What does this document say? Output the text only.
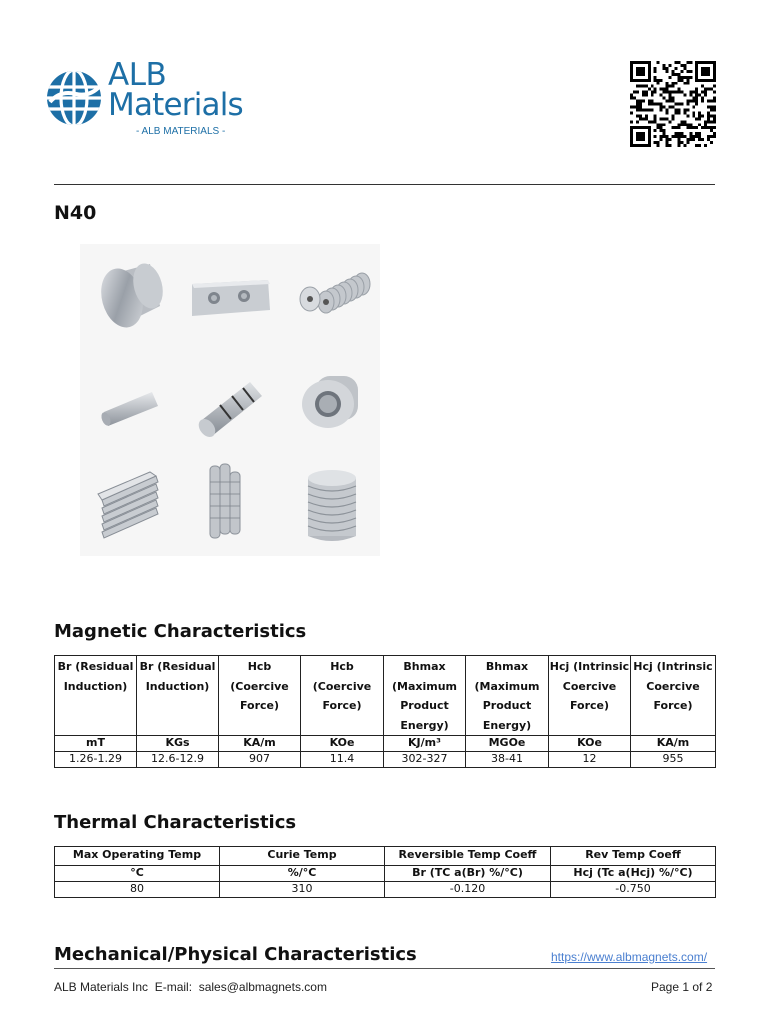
ALB
Materials
- ALB MATERIALS -
N40
Magnetic Characteristics
Br (Residual Induction)	Br (Residual Induction)	Hcb (Coercive Force)	Hcb (Coercive Force)	Bhmax (Maximum Product Energy)	Bhmax (Maximum Product Energy)	Hcj (Intrinsic Coercive Force)	Hcj (Intrinsic Coercive Force)
mT	KGs	KA/m	KOe	KJ/m³	MGOe	KOe	KA/m
1.26-1.29	12.6-12.9	907	11.4	302-327	38-41	12	955
Thermal Characteristics
Max Operating Temp	Curie Temp	Reversible Temp Coeff	Rev Temp Coeff
°C	%/°C	Br (TC a(Br) %/°C)	Hcj (Tc a(Hcj) %/°C)
80	310	-0.120	-0.750
Mechanical/Physical Characteristics	https://www.albmagnets.com/
ALB Materials Inc  E-mail:  sales@albmagnets.com	Page 1 of 2
